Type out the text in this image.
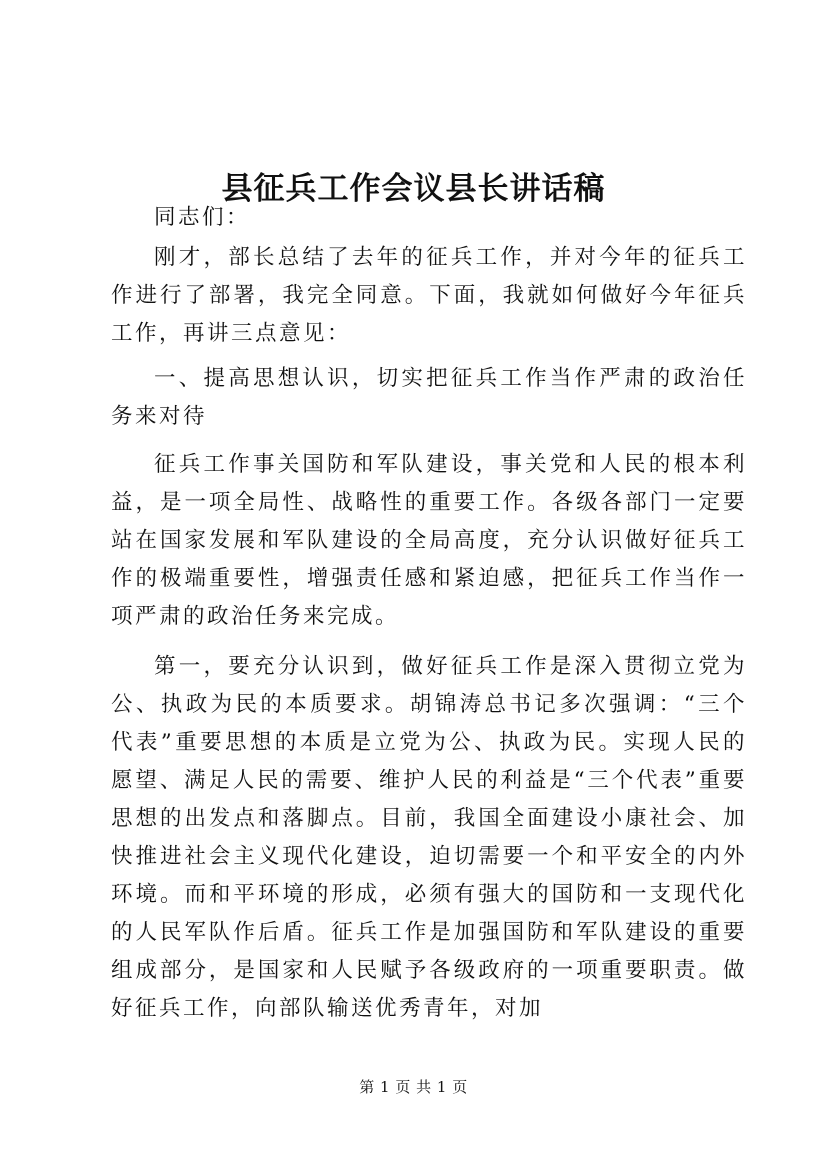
县征兵工作会议县长讲话稿

同志们：

刚才，部长总结了去年的征兵工作，并对今年的征兵工作进行了部署，我完全同意。下面，我就如何做好今年征兵工作，再讲三点意见：

一、提高思想认识，切实把征兵工作当作严肃的政治任务来对待

征兵工作事关国防和军队建设，事关党和人民的根本利益，是一项全局性、战略性的重要工作。各级各部门一定要站在国家发展和军队建设的全局高度，充分认识做好征兵工作的极端重要性，增强责任感和紧迫感，把征兵工作当作一项严肃的政治任务来完成。

第一，要充分认识到，做好征兵工作是深入贯彻立党为公、执政为民的本质要求。胡锦涛总书记多次强调：“三个代表”重要思想的本质是立党为公、执政为民。实现人民的愿望、满足人民的需要、维护人民的利益是“三个代表”重要思想的出发点和落脚点。目前，我国全面建设小康社会、加快推进社会主义现代化建设，迫切需要一个和平安全的内外环境。而和平环境的形成，必须有强大的国防和一支现代化的人民军队作后盾。征兵工作是加强国防和军队建设的重要组成部分，是国家和人民赋予各级政府的一项重要职责。做好征兵工作，向部队输送优秀青年，对加

第 1 页 共 1 页
